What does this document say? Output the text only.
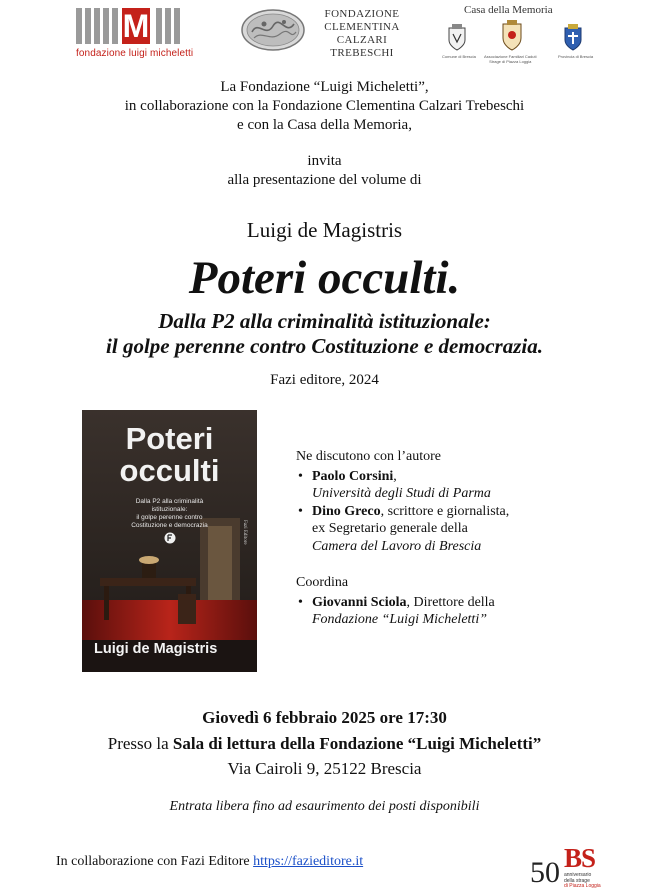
M
fondazione luigi micheletti
FONDAZIONE
CLEMENTINA CALZARI
TREBESCHI
Casa della Memoria
Comune di Brescia Associazione Familiari Caduti
Strage di Piazza Loggia
Provincia di Brescia
La Fondazione “Luigi Micheletti”,
in collaborazione con la Fondazione Clementina Calzari Trebeschi
e con la Casa della Memoria,
invita
alla presentazione del volume di
Luigi de Magistris
Poteri occulti.
Dalla P2 alla criminalità istituzionale:
il golpe perenne contro Costituzione e democrazia.
Fazi editore, 2024
Poteri
occulti
Dalla P2 alla criminalità
istituzionale:
il golpe perenne contro
Costituzione e democrazia	Fazi Editore
Luigi de Magistris
Ne discutono con l’autore
• Paolo Corsini,
Università degli Studi di Parma
• Dino Greco, scrittore e giornalista,
ex Segretario generale della
Camera del Lavoro di Brescia
Coordina
• Giovanni Sciola, Direttore della
Fondazione “Luigi Micheletti”
Giovedì 6 febbraio 2025 ore 17:30
Presso la Sala di lettura della Fondazione “Luigi Micheletti”
Via Cairoli 9, 25122 Brescia
Entrata libera fino ad esaurimento dei posti disponibili
In collaborazione con Fazi Editore https://fazieditore.it	50 BS
anniversario
della strage
di Piazza Loggia
